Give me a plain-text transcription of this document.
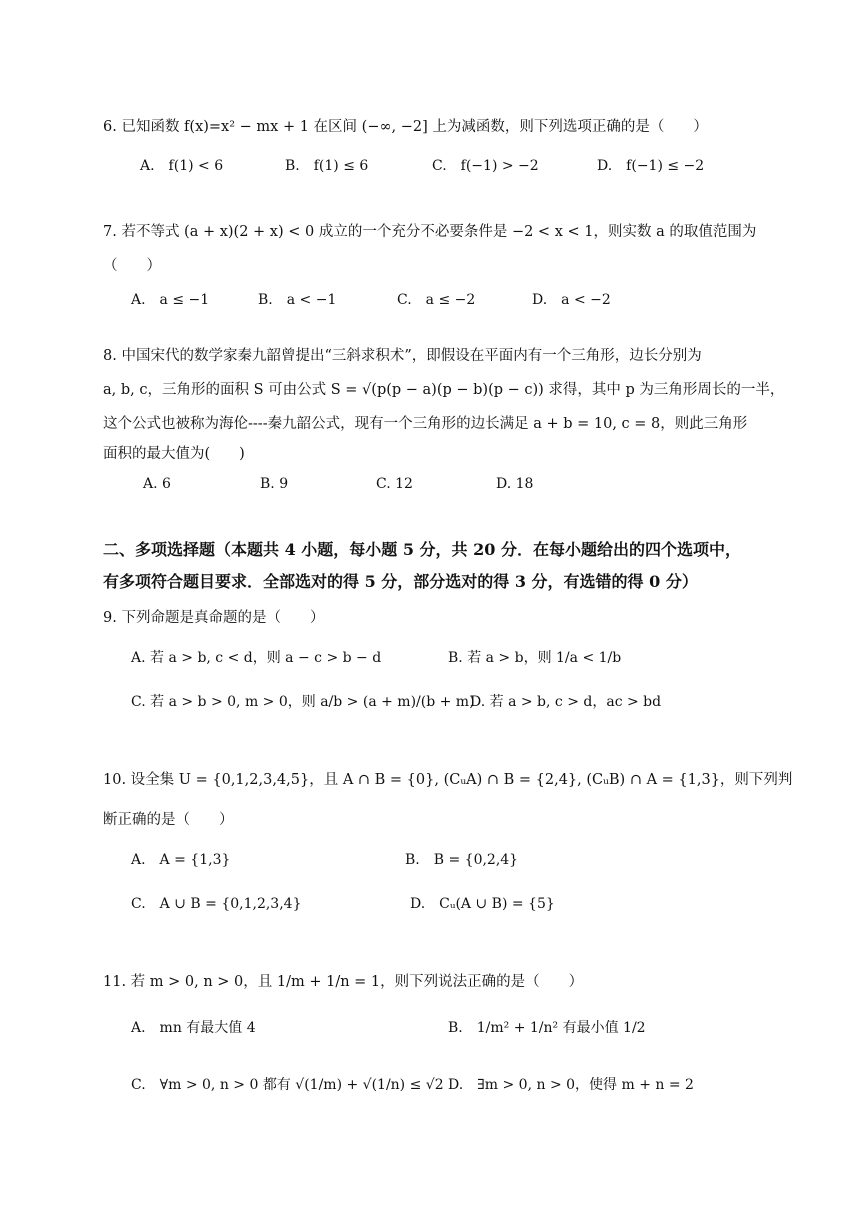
6. 已知函数 f(x)=x² − mx + 1 在区间 (−∞, −2] 上为减函数，则下列选项正确的是（　　）
A.　f(1) < 6	B.　f(1) ≤ 6	C.　f(−1) > −2	D.　f(−1) ≤ −2
7. 若不等式 (a + x)(2 + x) < 0 成立的一个充分不必要条件是 −2 < x < 1，则实数 a 的取值范围为
（　　）
A.　a ≤ −1	B.　a < −1	C.　a ≤ −2	D.　a < −2
8. 中国宋代的数学家秦九韶曾提出“三斜求积术”，即假设在平面内有一个三角形，边长分别为
a, b, c，三角形的面积 S 可由公式 S = √(p(p − a)(p − b)(p − c)) 求得，其中 p 为三角形周长的一半，
这个公式也被称为海伦----秦九韶公式，现有一个三角形的边长满足 a + b = 10, c = 8，则此三角形
面积的最大值为(　　)
A. 6	B. 9	C. 12	D. 18
二、多项选择题（本题共 4 小题，每小题 5 分，共 20 分．在每小题给出的四个选项中，
有多项符合题目要求．全部选对的得 5 分，部分选对的得 3 分，有选错的得 0 分）
9. 下列命题是真命题的是（　　）
A. 若 a > b, c < d，则 a − c > b − d	B. 若 a > b，则 1/a < 1/b
C. 若 a > b > 0, m > 0，则 a/b > (a + m)/(b + m)
D. 若 a > b, c > d，ac > bd
10. 设全集 U = {0,1,2,3,4,5}，且 A ∩ B = {0}, (CᵤA) ∩ B = {2,4}, (CᵤB) ∩ A = {1,3}，则下列判
断正确的是（　　）
A.　A = {1,3}	B.　B = {0,2,4}
C.　A ∪ B = {0,1,2,3,4}	D.　Cᵤ(A ∪ B) = {5}
11. 若 m > 0, n > 0，且 1/m + 1/n = 1，则下列说法正确的是（　　）
A.　mn 有最大值 4	B.　1/m² + 1/n² 有最小值 1/2
C.　∀m > 0, n > 0 都有 √(1/m) + √(1/n) ≤ √2 D.　∃m > 0, n > 0，使得 m + n = 2
